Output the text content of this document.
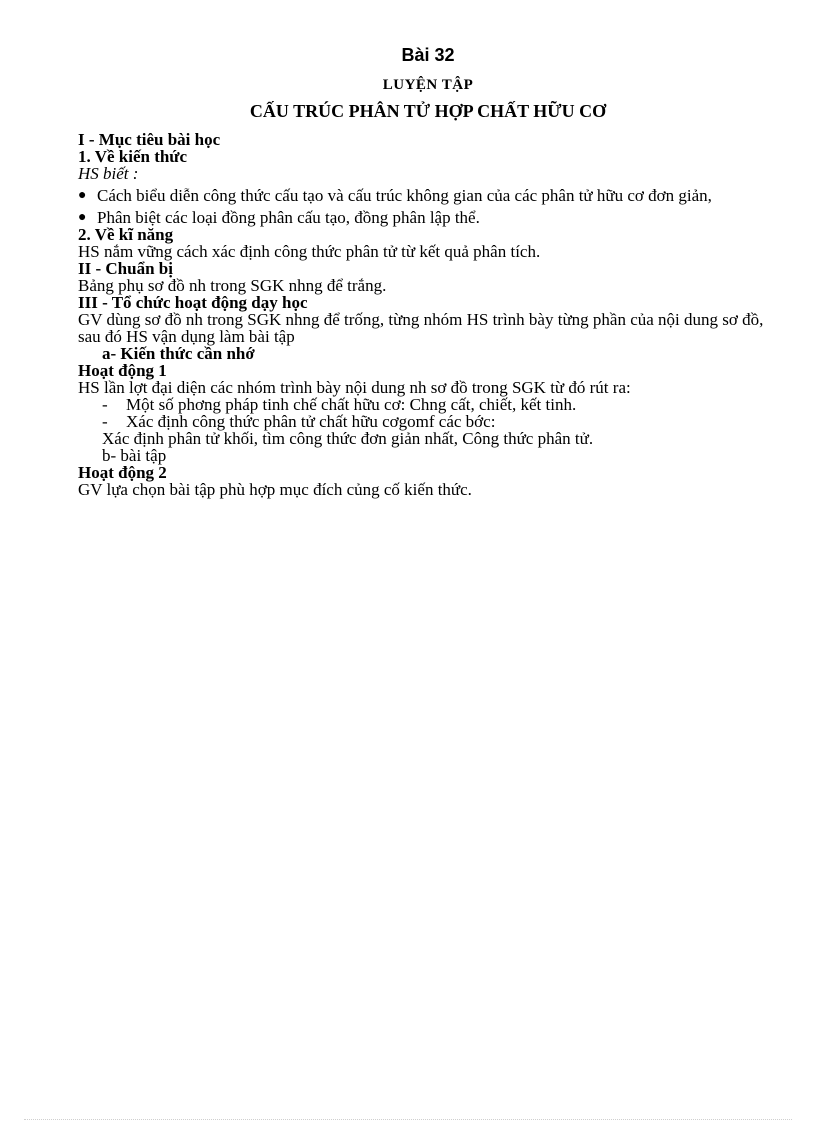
Bài 32
LUYỆN TẬP
CẤU TRÚC PHÂN TỬ HỢP CHẤT HỮU CƠ
I - Mục tiêu bài học
1. Về kiến thức
HS biết :
● Cách biểu diễn công thức cấu tạo và cấu trúc không gian của các phân tử hữu cơ đơn giản,
● Phân biệt các loại đồng phân cấu tạo, đồng phân lập thể.
2. Về kĩ năng
HS nắm vững cách xác định công thức phân tử từ kết quả phân tích.
II - Chuẩn bị
Bảng phụ sơ đồ nh trong SGK nhng để trắng.
III - Tổ chức hoạt động dạy học
GV dùng sơ đồ nh trong SGK nhng để trống, từng nhóm HS trình bày từng phần của nội dung sơ đồ, sau đó HS vận dụng làm bài tập
a- Kiến thức cần nhớ
Hoạt động 1
HS lần lợt đại diện các nhóm trình bày nội dung nh sơ đồ trong SGK từ đó rút ra:
- Một số phơng pháp tinh chế chất hữu cơ: Chng cất, chiết, kết tinh.
- Xác định công thức phân tử chất hữu cơgomf các bớc:
Xác định phân tử khối, tìm công thức đơn giản nhất, Công thức phân tử.
b- bài tập
Hoạt động 2
GV lựa chọn bài tập phù hợp mục đích củng cố kiến thức.
